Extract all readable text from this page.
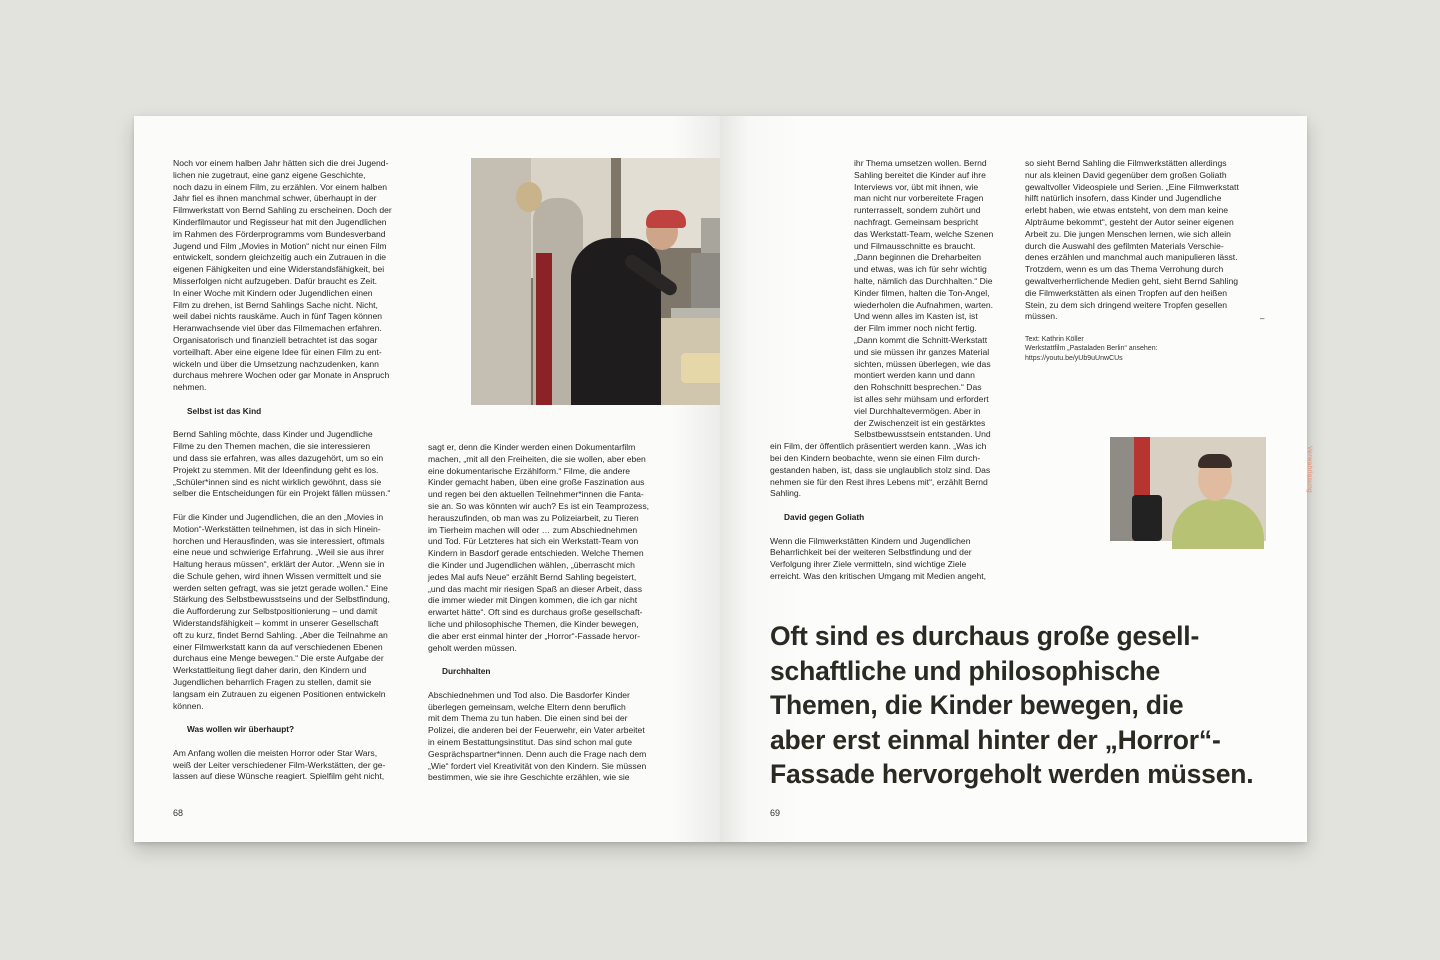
Noch vor einem halben Jahr hätten sich die drei Jugend-
lichen nie zugetraut, eine ganz eigene Geschichte,
noch dazu in einem Film, zu erzählen. Vor einem halben
Jahr fiel es ihnen manchmal schwer, überhaupt in der
Filmwerkstatt von Bernd Sahling zu erscheinen. Doch der
Kinderfilmautor und Regisseur hat mit den Jugendlichen
im Rahmen des Förderprogramms vom Bundesverband
Jugend und Film „Movies in Motion“ nicht nur einen Film
entwickelt, sondern gleichzeitig auch ein Zutrauen in die
eigenen Fähigkeiten und eine Widerstandsfähigkeit, bei
Misserfolgen nicht aufzugeben. Dafür braucht es Zeit.
In einer Woche mit Kindern oder Jugendlichen einen
Film zu drehen, ist Bernd Sahlings Sache nicht. Nicht,
weil dabei nichts rauskäme. Auch in fünf Tagen können
Heranwachsende viel über das Filmemachen erfahren.
Organisatorisch und finanziell betrachtet ist das sogar
vorteilhaft. Aber eine eigene Idee für einen Film zu ent-
wickeln und über die Umsetzung nachzudenken, kann
durchaus mehrere Wochen oder gar Monate in Anspruch
nehmen.

Selbst ist das Kind

Bernd Sahling möchte, dass Kinder und Jugendliche
Filme zu den Themen machen, die sie interessieren
und dass sie erfahren, was alles dazugehört, um so ein
Projekt zu stemmen. Mit der Ideenfindung geht es los.
„Schüler*innen sind es nicht wirklich gewöhnt, dass sie
selber die Entscheidungen für ein Projekt fällen müssen.“

Für die Kinder und Jugendlichen, die an den „Movies in
Motion“-Werkstätten teilnehmen, ist das in sich Hinein-
horchen und Herausfinden, was sie interessiert, oftmals
eine neue und schwierige Erfahrung. „Weil sie aus ihrer
Haltung heraus müssen“, erklärt der Autor. „Wenn sie in
die Schule gehen, wird ihnen Wissen vermittelt und sie
werden selten gefragt, was sie jetzt gerade wollen.“ Eine
Stärkung des Selbstbewusstseins und der Selbstfindung,
die Aufforderung zur Selbstpositionierung – und damit
Widerstandsfähigkeit – kommt in unserer Gesellschaft
oft zu kurz, findet Bernd Sahling. „Aber die Teilnahme an
einer Filmwerkstatt kann da auf verschiedenen Ebenen
durchaus eine Menge bewegen.“ Die erste Aufgabe der
Werkstattleitung liegt daher darin, den Kindern und
Jugendlichen beharrlich Fragen zu stellen, damit sie
langsam ein Zutrauen zu eigenen Positionen entwickeln
können.

Was wollen wir überhaupt?

Am Anfang wollen die meisten Horror oder Star Wars,
weiß der Leiter verschiedener Film-Werkstätten, der ge-
lassen auf diese Wünsche reagiert. Spielfilm geht nicht,

sagt er, denn die Kinder werden einen Dokumentarfilm
machen, „mit all den Freiheiten, die sie wollen, aber eben
eine dokumentarische Erzählform.“ Filme, die andere
Kinder gemacht haben, üben eine große Faszination aus
und regen bei den aktuellen Teilnehmer*innen die Fanta-
sie an. So was könnten wir auch? Es ist ein Teamprozess,
herauszufinden, ob man was zu Polizeiarbeit, zu Tieren
im Tierheim machen will oder … zum Abschiednehmen
und Tod. Für Letzteres hat sich ein Werkstatt-Team von
Kindern in Basdorf gerade entschieden. Welche Themen
die Kinder und Jugendlichen wählen, „überrascht mich
jedes Mal aufs Neue“ erzählt Bernd Sahling begeistert,
„und das macht mir riesigen Spaß an dieser Arbeit, dass
die immer wieder mit Dingen kommen, die ich gar nicht
erwartet hätte“. Oft sind es durchaus große gesellschaft-
liche und philosophische Themen, die Kinder bewegen,
die aber erst einmal hinter der „Horror“-Fassade hervor-
geholt werden müssen.

Durchhalten

Abschiednehmen und Tod also. Die Basdorfer Kinder
überlegen gemeinsam, welche Eltern denn beruflich
mit dem Thema zu tun haben. Die einen sind bei der
Polizei, die anderen bei der Feuerwehr, ein Vater arbeitet
in einem Bestattungsinstitut. Das sind schon mal gute
Gesprächspartner*innen. Denn auch die Frage nach dem
„Wie“ fordert viel Kreativität von den Kindern. Sie müssen
bestimmen, wie sie ihre Geschichte erzählen, wie sie

68

ihr Thema umsetzen wollen. Bernd
Sahling bereitet die Kinder auf ihre
Interviews vor, übt mit ihnen, wie
man nicht nur vorbereitete Fragen
runterrasselt, sondern zuhört und
nachfragt. Gemeinsam bespricht
das Werkstatt-Team, welche Szenen
und Filmausschnitte es braucht.
„Dann beginnen die Dreharbeiten
und etwas, was ich für sehr wichtig
halte, nämlich das Durchhalten.“ Die
Kinder filmen, halten die Ton-Angel,
wiederholen die Aufnahmen, warten.
Und wenn alles im Kasten ist, ist
der Film immer noch nicht fertig.
„Dann kommt die Schnitt-Werkstatt
und sie müssen ihr ganzes Material
sichten, müssen überlegen, wie das
montiert werden kann und dann
den Rohschnitt besprechen.“ Das
ist alles sehr mühsam und erfordert
viel Durchhaltevermögen. Aber in
der Zwischenzeit ist ein gestärktes
Selbstbewusstsein entstanden. Und

ein Film, der öffentlich präsentiert werden kann. „Was ich
bei den Kindern beobachte, wenn sie einen Film durch-
gestanden haben, ist, dass sie unglaublich stolz sind. Das
nehmen sie für den Rest ihres Lebens mit“, erzählt Bernd
Sahling.

David gegen Goliath

Wenn die Filmwerkstätten Kindern und Jugendlichen
Beharrlichkeit bei der weiteren Selbstfindung und der
Verfolgung ihrer Ziele vermitteln, sind wichtige Ziele
erreicht. Was den kritischen Umgang mit Medien angeht,

so sieht Bernd Sahling die Filmwerkstätten allerdings
nur als kleinen David gegenüber dem großen Goliath
gewaltvoller Videospiele und Serien. „Eine Filmwerkstatt
hilft natürlich insofern, dass Kinder und Jugendliche
erlebt haben, wie etwas entsteht, von dem man keine
Alpträume bekommt“, gesteht der Autor seiner eigenen
Arbeit zu. Die jungen Menschen lernen, wie sich allein
durch die Auswahl des gefilmten Materials Verschie-
denes erzählen und manchmal auch manipulieren lässt.
Trotzdem, wenn es um das Thema Verrohung durch
gewaltverherrlichende Medien geht, sieht Bernd Sahling
die Filmwerkstätten als einen Tropfen auf den heißen
Stein, zu dem sich dringend weitere Tropfen gesellen
müssen.

Text: Kathrin Köller
Werkstattfilm „Pastaladen Berlin“ ansehen:
https://youtu.be/yUb9uUnwCUs
–
Verwahrlosung

Oft sind es durchaus große gesell-
schaftliche und philosophische
Themen, die Kinder bewegen, die
aber erst einmal hinter der „Horror“-
Fassade hervorgeholt werden müssen.

69
